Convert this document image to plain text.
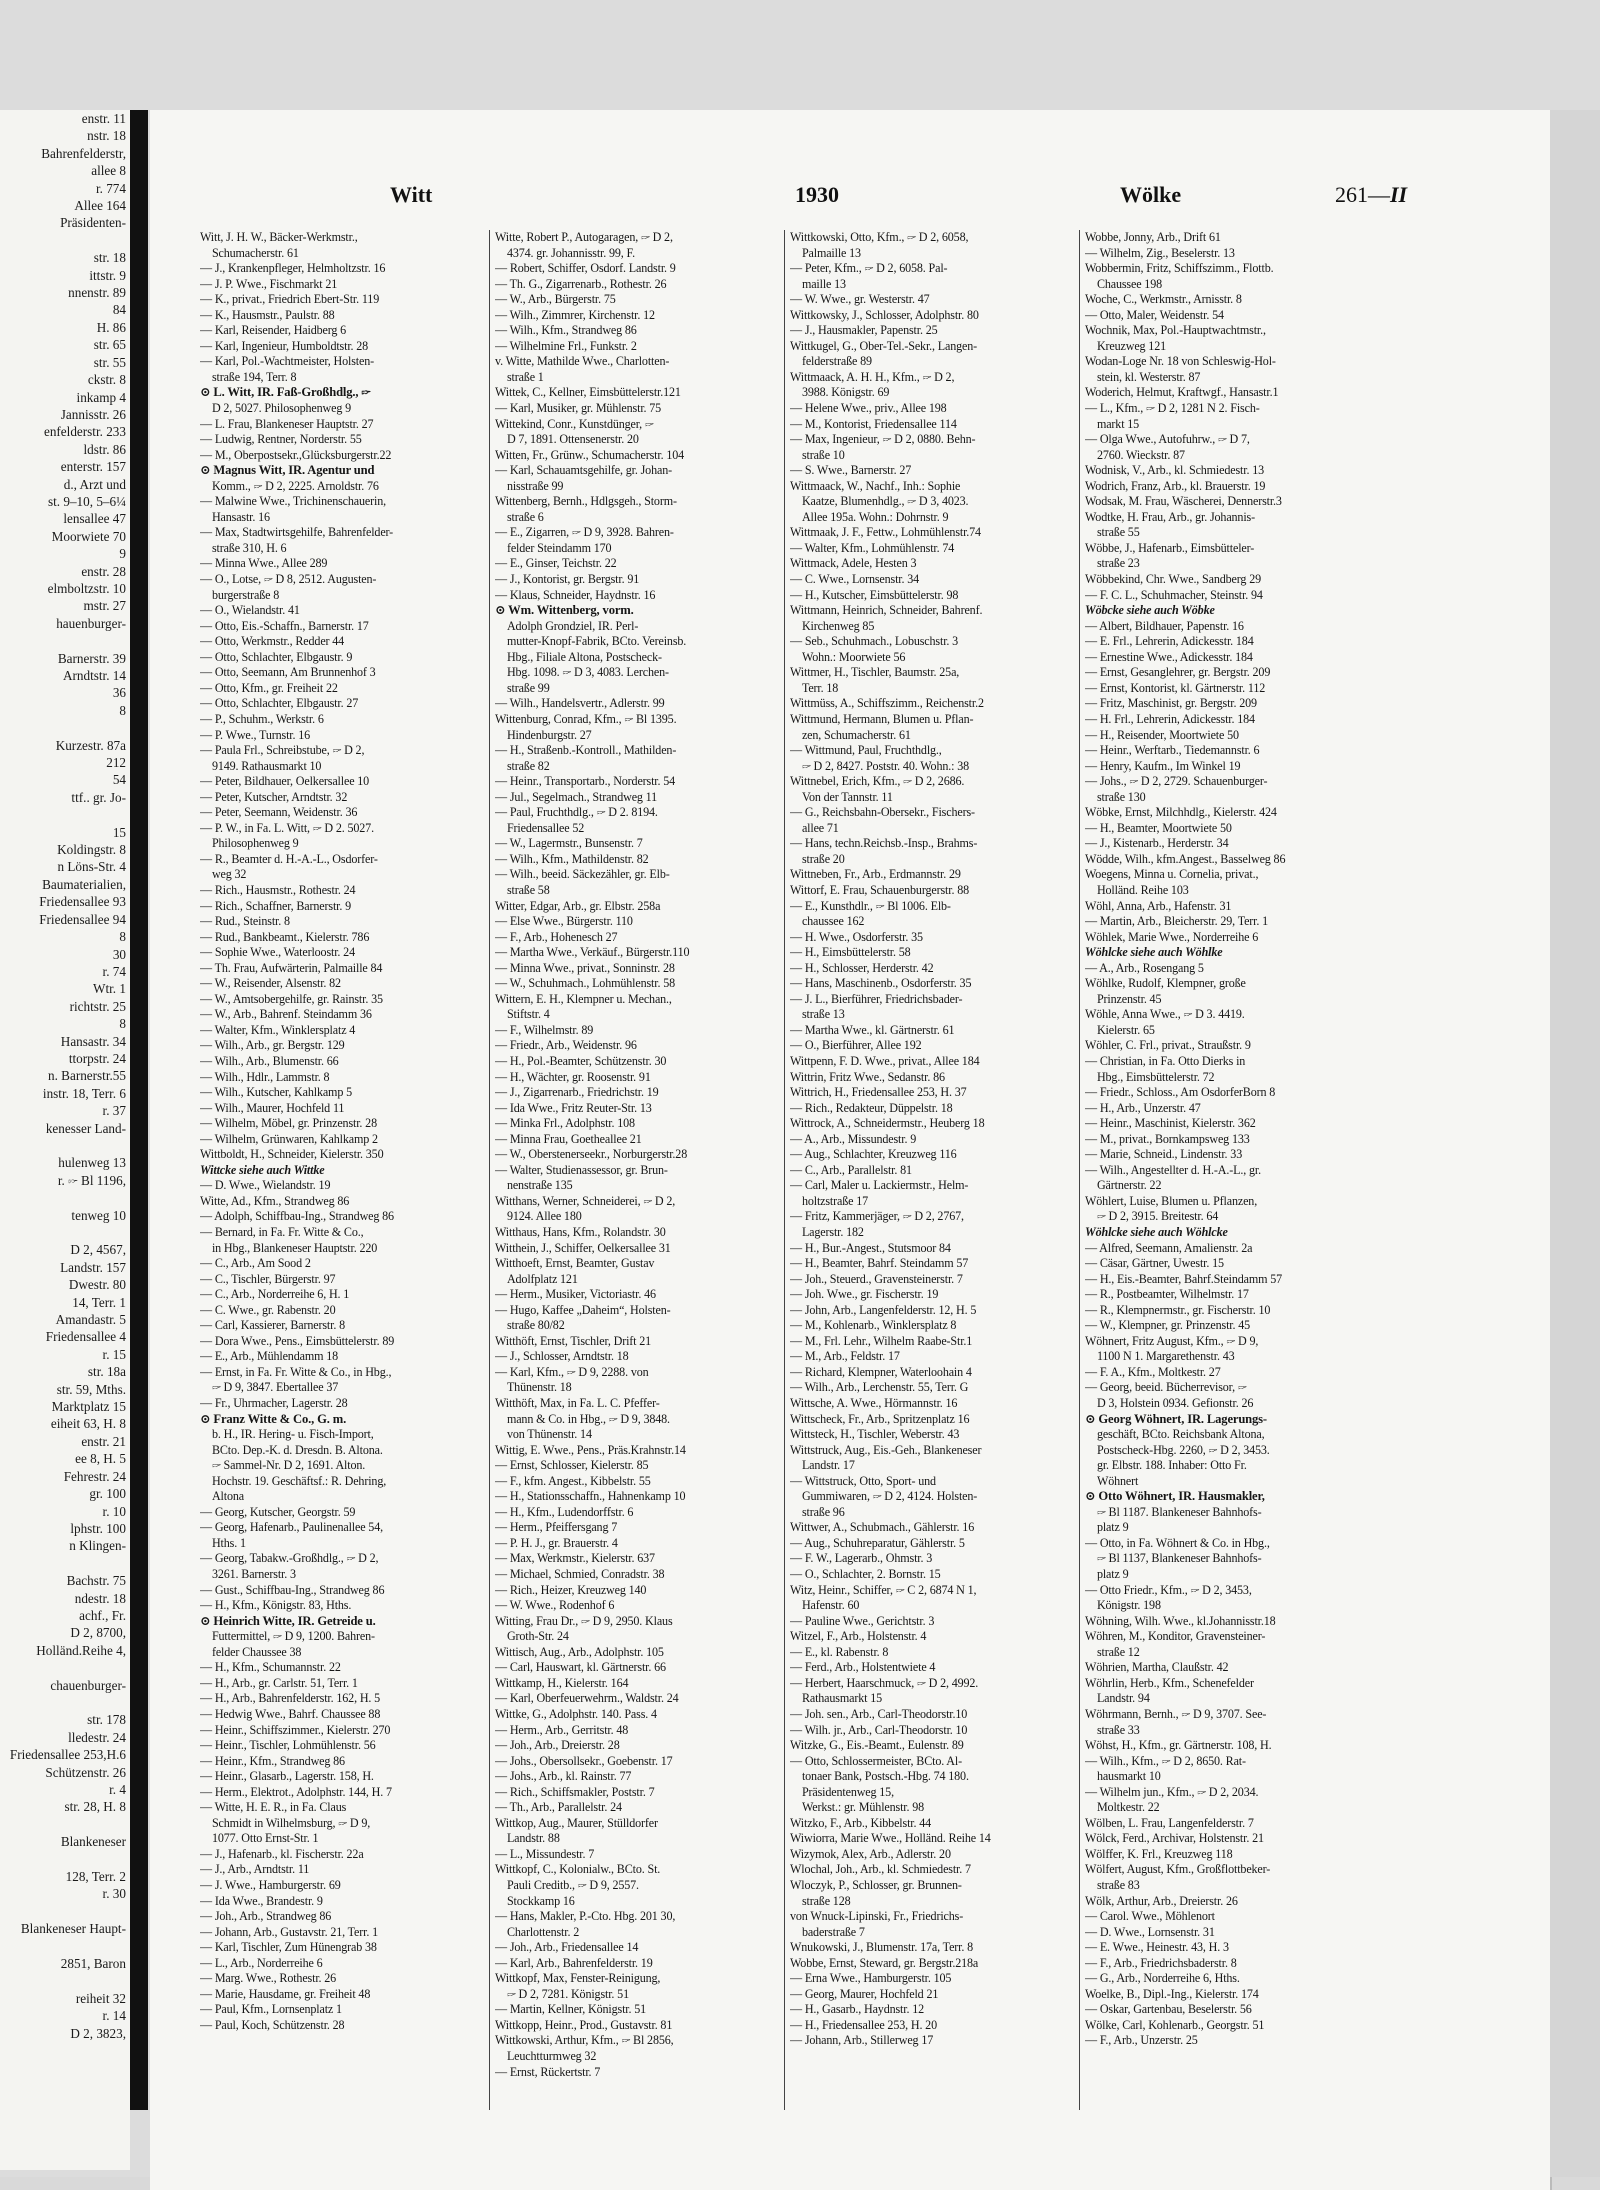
enstr. 11
nstr. 18
Bahrenfelderstr,
allee 8
r. 774
Allee 164
Präsidenten-

str. 18
ittstr. 9
nnenstr. 89
84
H. 86
str. 65
str. 55
ckstr. 8
inkamp 4
Jannisstr. 26
enfelderstr. 233
ldstr. 86
enterstr. 157
d., Arzt und
st. 9–10, 5–6¼
lensallee 47
Moorwiete 70
9
enstr. 28
elmboltzstr. 10
mstr. 27
hauenburger-

Barnerstr. 39
Arndtstr. 14
36
8

Kurzestr. 87a
212
54
ttf.. gr. Jo-

15
Koldingstr. 8
n Löns-Str. 4
Baumaterialien,
Friedensallee 93
Friedensallee 94
8
30
r. 74
Wtr. 1
richtstr. 25
8
Hansastr. 34
ttorpstr. 24
n. Barnerstr.55
instr. 18, Terr. 6
r. 37
kenesser Land-

hulenweg 13
r. 🖙 Bl 1196,

tenweg 10

D 2, 4567,
Landstr. 157
Dwestr. 80
14, Terr. 1
Amandastr. 5
Friedensallee 4
r. 15
str. 18a
str. 59, Mths.
Marktplatz 15
eiheit 63, H. 8
enstr. 21
ee 8, H. 5
Fehrestr. 24
gr. 100
r. 10
lphstr. 100
n Klingen-

Bachstr. 75
ndestr. 18
achf., Fr.
D 2, 8700,
Holländ.Reihe 4,

chauenburger-

str. 178
lledestr. 24
Friedensallee 253,H.6
Schützenstr. 26
r. 4
str. 28, H. 8

Blankeneser

128, Terr. 2
r. 30

Blankeneser Haupt-

2851, Baron

reiheit 32
r. 14
D 2, 3823,
Witt	1930	Wölke	261—II
Witt, J. H. W., Bäcker-Werkmstr.,
 Schumacherstr. 61
— J., Krankenpfleger, Helmholtzstr. 16
— J. P. Wwe., Fischmarkt 21
— K., privat., Friedrich Ebert-Str. 119
— K., Hausmstr., Paulstr. 88
— Karl, Reisender, Haidberg 6
— Karl, Ingenieur, Humboldtstr. 28
— Karl, Pol.-Wachtmeister, Holsten-
 straße 194, Terr. 8
⊙ L. Witt, IR. Faß-Großhdlg., 🖙
 D 2, 5027. Philosophenweg 9
— L. Frau, Blankeneser Hauptstr. 27
— Ludwig, Rentner, Norderstr. 55
— M., Oberpostsekr.,Glücksburgerstr.22
⊙ Magnus Witt, IR. Agentur und
 Komm., 🖙 D 2, 2225. Arnoldstr. 76
— Malwine Wwe., Trichinenschauerin,
 Hansastr. 16
— Max, Stadtwirtsgehilfe, Bahrenfelder-
 straße 310, H. 6
— Minna Wwe., Allee 289
— O., Lotse, 🖙 D 8, 2512. Augusten-
 burgerstraße 8
— O., Wielandstr. 41
— Otto, Eis.-Schaffn., Barnerstr. 17
— Otto, Werkmstr., Redder 44
— Otto, Schlachter, Elbgaustr. 9
— Otto, Seemann, Am Brunnenhof 3
— Otto, Kfm., gr. Freiheit 22
— Otto, Schlachter, Elbgaustr. 27
— P., Schuhm., Werkstr. 6
— P. Wwe., Turnstr. 16
— Paula Frl., Schreibstube, 🖙 D 2,
 9149. Rathausmarkt 10
— Peter, Bildhauer, Oelkersallee 10
— Peter, Kutscher, Arndtstr. 32
— Peter, Seemann, Weidenstr. 36
— P. W., in Fa. L. Witt, 🖙 D 2. 5027.
 Philosophenweg 9
— R., Beamter d. H.-A.-L., Osdorfer-
 weg 32
— Rich., Hausmstr., Rothestr. 24
— Rich., Schaffner, Barnerstr. 9
— Rud., Steinstr. 8
— Rud., Bankbeamt., Kielerstr. 786
— Sophie Wwe., Waterloostr. 24
— Th. Frau, Aufwärterin, Palmaille 84
— W., Reisender, Alsenstr. 82
— W., Amtsobergehilfe, gr. Rainstr. 35
— W., Arb., Bahrenf. Steindamm 36
— Walter, Kfm., Winklersplatz 4
— Wilh., Arb., gr. Bergstr. 129
— Wilh., Arb., Blumenstr. 66
— Wilh., Hdlr., Lammstr. 8
— Wilh., Kutscher, Kahlkamp 5
— Wilh., Maurer, Hochfeld 11
— Wilhelm, Möbel, gr. Prinzenstr. 28
— Wilhelm, Grünwaren, Kahlkamp 2
Wittboldt, H., Schneider, Kielerstr. 350
Wittcke siehe auch Wittke
— D. Wwe., Wielandstr. 19
Witte, Ad., Kfm., Strandweg 86
— Adolph, Schiffbau-Ing., Strandweg 86
— Bernard, in Fa. Fr. Witte & Co.,
 in Hbg., Blankeneser Hauptstr. 220
— C., Arb., Am Sood 2
— C., Tischler, Bürgerstr. 97
— C., Arb., Norderreihe 6, H. 1
— C. Wwe., gr. Rabenstr. 20
— Carl, Kassierer, Barnerstr. 8
— Dora Wwe., Pens., Eimsbüttelerstr. 89
— E., Arb., Mühlendamm 18
— Ernst, in Fa. Fr. Witte & Co., in Hbg.,
 🖙 D 9, 3847. Ebertallee 37
— Fr., Uhrmacher, Lagerstr. 28
⊙ Franz Witte & Co., G. m.
 b. H., IR. Hering- u. Fisch-Import,
 BCto. Dep.-K. d. Dresdn. B. Altona.
 🖙 Sammel-Nr. D 2, 1691. Alton.
 Hochstr. 19. Geschäftsf.: R. Dehring,
 Altona
— Georg, Kutscher, Georgstr. 59
— Georg, Hafenarb., Paulinenallee 54,
 Hths. 1
— Georg, Tabakw.-Großhdlg., 🖙 D 2,
 3261. Barnerstr. 3
— Gust., Schiffbau-Ing., Strandweg 86
— H., Kfm., Königstr. 83, Hths.
⊙ Heinrich Witte, IR. Getreide u.
 Futtermittel, 🖙 D 9, 1200. Bahren-
 felder Chaussee 38
— H., Kfm., Schumannstr. 22
— H., Arb., gr. Carlstr. 51, Terr. 1
— H., Arb., Bahrenfelderstr. 162, H. 5
— Hedwig Wwe., Bahrf. Chaussee 88
— Heinr., Schiffszimmer., Kielerstr. 270
— Heinr., Tischler, Lohmühlenstr. 56
— Heinr., Kfm., Strandweg 86
— Heinr., Glasarb., Lagerstr. 158, H.
— Herm., Elektrot., Adolphstr. 144, H. 7
— Witte, H. E. R., in Fa. Claus
 Schmidt in Wilhelmsburg, 🖙 D 9,
 1077. Otto Ernst-Str. 1
— J., Hafenarb., kl. Fischerstr. 22a
— J., Arb., Arndtstr. 11
— J. Wwe., Hamburgerstr. 69
— Ida Wwe., Brandestr. 9
— Joh., Arb., Strandweg 86
— Johann, Arb., Gustavstr. 21, Terr. 1
— Karl, Tischler, Zum Hünengrab 38
— L., Arb., Norderreihe 6
— Marg. Wwe., Rothestr. 26
— Marie, Hausdame, gr. Freiheit 48
— Paul, Kfm., Lornsenplatz 1
— Paul, Koch, Schützenstr. 28
Witte, Robert P., Autogaragen, 🖙 D 2,
 4374. gr. Johannisstr. 99, F.
— Robert, Schiffer, Osdorf. Landstr. 9
— Th. G., Zigarrenarb., Rothestr. 26
— W., Arb., Bürgerstr. 75
— Wilh., Zimmrer, Kirchenstr. 12
— Wilh., Kfm., Strandweg 86
— Wilhelmine Frl., Funkstr. 2
v. Witte, Mathilde Wwe., Charlotten-
 straße 1
Wittek, C., Kellner, Eimsbüttelerstr.121
— Karl, Musiker, gr. Mühlenstr. 75
Wittekind, Conr., Kunstdünger, 🖙
 D 7, 1891. Ottensenerstr. 20
Witten, Fr., Grünw., Schumacherstr. 104
— Karl, Schauamtsgehilfe, gr. Johan-
 nisstraße 99
Wittenberg, Bernh., Hdlgsgeh., Storm-
 straße 6
— E., Zigarren, 🖙 D 9, 3928. Bahren-
 felder Steindamm 170
— E., Ginser, Teichstr. 22
— J., Kontorist, gr. Bergstr. 91
— Klaus, Schneider, Haydnstr. 16
⊙ Wm. Wittenberg, vorm.
 Adolph Grondziel, IR. Perl-
 mutter-Knopf-Fabrik, BCto. Vereinsb.
 Hbg., Filiale Altona, Postscheck-
 Hbg. 1098. 🖙 D 3, 4083. Lerchen-
 straße 99
— Wilh., Handelsvertr., Adlerstr. 99
Wittenburg, Conrad, Kfm., 🖙 Bl 1395.
 Hindenburgstr. 27
— H., Straßenb.-Kontroll., Mathilden-
 straße 82
— Heinr., Transportarb., Norderstr. 54
— Jul., Segelmach., Strandweg 11
— Paul, Fruchthdlg., 🖙 D 2. 8194.
 Friedensallee 52
— W., Lagermstr., Bunsenstr. 7
— Wilh., Kfm., Mathildenstr. 82
— Wilh., beeid. Säckezähler, gr. Elb-
 straße 58
Witter, Edgar, Arb., gr. Elbstr. 258a
— Else Wwe., Bürgerstr. 110
— F., Arb., Hohenesch 27
— Martha Wwe., Verkäuf., Bürgerstr.110
— Minna Wwe., privat., Sonninstr. 28
— W., Schuhmach., Lohmühlenstr. 58
Wittern, E. H., Klempner u. Mechan.,
 Stiftstr. 4
— F., Wilhelmstr. 89
— Friedr., Arb., Weidenstr. 96
— H., Pol.-Beamter, Schützenstr. 30
— H., Wächter, gr. Roosenstr. 91
— J., Zigarrenarb., Friedrichstr. 19
— Ida Wwe., Fritz Reuter-Str. 13
— Minka Frl., Adolphstr. 108
— Minna Frau, Goetheallee 21
— W., Oberstenerseekr., Norburgerstr.28
— Walter, Studienassessor, gr. Brun-
 nenstraße 135
Witthans, Werner, Schneiderei, 🖙 D 2,
 9124. Allee 180
Witthaus, Hans, Kfm., Rolandstr. 30
Witthein, J., Schiffer, Oelkersallee 31
Witthoeft, Ernst, Beamter, Gustav
 Adolfplatz 121
— Herm., Musiker, Victoriastr. 46
— Hugo, Kaffee „Daheim“, Holsten-
 straße 80/82
Witthöft, Ernst, Tischler, Drift 21
— J., Schlosser, Arndtstr. 18
— Karl, Kfm., 🖙 D 9, 2288. von
 Thünenstr. 18
Witthöft, Max, in Fa. L. C. Pfeffer-
 mann & Co. in Hbg., 🖙 D 9, 3848.
 von Thünenstr. 14
Wittig, E. Wwe., Pens., Präs.Krahnstr.14
— Ernst, Schlosser, Kielerstr. 85
— F., kfm. Angest., Kibbelstr. 55
— H., Stationsschaffn., Hahnenkamp 10
— H., Kfm., Ludendorffstr. 6
— Herm., Pfeiffersgang 7
— P. H. J., gr. Brauerstr. 4
— Max, Werkmstr., Kielerstr. 637
— Michael, Schmied, Conradstr. 38
— Rich., Heizer, Kreuzweg 140
— W. Wwe., Rodenhof 6
Witting, Frau Dr., 🖙 D 9, 2950. Klaus
 Groth-Str. 24
Wittisch, Aug., Arb., Adolphstr. 105
— Carl, Hauswart, kl. Gärtnerstr. 66
Wittkamp, H., Kielerstr. 164
— Karl, Oberfeuerwehrm., Waldstr. 24
Wittke, G., Adolphstr. 140. Pass. 4
— Herm., Arb., Gerritstr. 48
— Joh., Arb., Dreierstr. 28
— Johs., Obersollsekr., Goebenstr. 17
— Johs., Arb., kl. Rainstr. 77
— Rich., Schiffsmakler, Poststr. 7
— Th., Arb., Parallelstr. 24
Wittkop, Aug., Maurer, Stülldorfer
 Landstr. 88
— L., Missundestr. 7
Wittkopf, C., Kolonialw., BCto. St.
 Pauli Creditb., 🖙 D 9, 2557.
 Stockkamp 16
— Hans, Makler, P.-Cto. Hbg. 201 30,
 Charlottenstr. 2
— Joh., Arb., Friedensallee 14
— Karl, Arb., Bahrenfelderstr. 19
Wittkopf, Max, Fenster-Reinigung,
 🖙 D 2, 7281. Königstr. 51
— Martin, Kellner, Königstr. 51
Wittkopp, Heinr., Prod., Gustavstr. 81
Wittkowski, Arthur, Kfm., 🖙 Bl 2856,
 Leuchtturmweg 32
— Ernst, Rückertstr. 7
Wittkowski, Otto, Kfm., 🖙 D 2, 6058,
 Palmaille 13
— Peter, Kfm., 🖙 D 2, 6058. Pal-
 maille 13
— W. Wwe., gr. Westerstr. 47
Wittkowsky, J., Schlosser, Adolphstr. 80
— J., Hausmakler, Papenstr. 25
Wittkugel, G., Ober-Tel.-Sekr., Langen-
 felderstraße 89
Wittmaack, A. H. H., Kfm., 🖙 D 2,
 3988. Königstr. 69
— Helene Wwe., priv., Allee 198
— M., Kontorist, Friedensallee 114
— Max, Ingenieur, 🖙 D 2, 0880. Behn-
 straße 10
— S. Wwe., Barnerstr. 27
Wittmaack, W., Nachf., Inh.: Sophie
 Kaatze, Blumenhdlg., 🖙 D 3, 4023.
 Allee 195a. Wohn.: Dohrnstr. 9
Wittmaak, J. F., Fettw., Lohmühlenstr.74
— Walter, Kfm., Lohmühlenstr. 74
Wittmack, Adele, Hesten 3
— C. Wwe., Lornsenstr. 34
— H., Kutscher, Eimsbüttelerstr. 98
Wittmann, Heinrich, Schneider, Bahrenf.
 Kirchenweg 85
— Seb., Schuhmach., Lobuschstr. 3
 Wohn.: Moorwiete 56
Wittmer, H., Tischler, Baumstr. 25a,
 Terr. 18
Wittmüss, A., Schiffszimm., Reichenstr.2
Wittmund, Hermann, Blumen u. Pflan-
 zen, Schumacherstr. 61
— Wittmund, Paul, Fruchthdlg.,
 🖙 D 2, 8427. Poststr. 40. Wohn.: 38
Wittnebel, Erich, Kfm., 🖙 D 2, 2686.
 Von der Tannstr. 11
— G., Reichsbahn-Obersekr., Fischers-
 allee 71
— Hans, techn.Reichsb.-Insp., Brahms-
 straße 20
Wittneben, Fr., Arb., Erdmannstr. 29
Wittorf, E. Frau, Schauenburgerstr. 88
— E., Kunsthdlr., 🖙 Bl 1006. Elb-
 chaussee 162
— H. Wwe., Osdorferstr. 35
— H., Eimsbüttelerstr. 58
— H., Schlosser, Herderstr. 42
— Hans, Maschinenb., Osdorferstr. 35
— J. L., Bierführer, Friedrichsbader-
 straße 13
— Martha Wwe., kl. Gärtnerstr. 61
— O., Bierführer, Allee 192
Wittpenn, F. D. Wwe., privat., Allee 184
Wittrin, Fritz Wwe., Sedanstr. 86
Wittrich, H., Friedensallee 253, H. 37
— Rich., Redakteur, Düppelstr. 18
Wittrock, A., Schneidermstr., Heuberg 18
— A., Arb., Missundestr. 9
— Aug., Schlachter, Kreuzweg 116
— C., Arb., Parallelstr. 81
— Carl, Maler u. Lackiermstr., Helm-
 holtzstraße 17
— Fritz, Kammerjäger, 🖙 D 2, 2767,
 Lagerstr. 182
— H., Bur.-Angest., Stutsmoor 84
— H., Beamter, Bahrf. Steindamm 57
— Joh., Steuerd., Gravensteinerstr. 7
— Joh. Wwe., gr. Fischerstr. 19
— John, Arb., Langenfelderstr. 12, H. 5
— M., Kohlenarb., Winklersplatz 8
— M., Frl. Lehr., Wilhelm Raabe-Str.1
— M., Arb., Feldstr. 17
— Richard, Klempner, Waterloohain 4
— Wilh., Arb., Lerchenstr. 55, Terr. G
Wittsche, A. Wwe., Hörmannstr. 16
Wittscheck, Fr., Arb., Spritzenplatz 16
Wittsteck, H., Tischler, Weberstr. 43
Wittstruck, Aug., Eis.-Geh., Blankeneser
 Landstr. 17
— Wittstruck, Otto, Sport- und
 Gummiwaren, 🖙 D 2, 4124. Holsten-
 straße 96
Wittwer, A., Schubmach., Gählerstr. 16
— Aug., Schuhreparatur, Gählerstr. 5
— F. W., Lagerarb., Ohmstr. 3
— O., Schlachter, 2. Bornstr. 15
Witz, Heinr., Schiffer, 🖙 C 2, 6874 N 1,
 Hafenstr. 60
— Pauline Wwe., Gerichtstr. 3
Witzel, F., Arb., Holstenstr. 4
— E., kl. Rabenstr. 8
— Ferd., Arb., Holstentwiete 4
— Herbert, Haarschmuck, 🖙 D 2, 4992.
 Rathausmarkt 15
— Joh. sen., Arb., Carl-Theodorstr.10
— Wilh. jr., Arb., Carl-Theodorstr. 10
Witzke, G., Eis.-Beamt., Eulenstr. 89
— Otto, Schlossermeister, BCto. Al-
 tonaer Bank, Postsch.-Hbg. 74 180.
 Präsidentenweg 15,
 Werkst.: gr. Mühlenstr. 98
Witzko, F., Arb., Kibbelstr. 44
Wiwiorra, Marie Wwe., Holländ. Reihe 14
Wizymok, Alex, Arb., Adlerstr. 20
Wlochal, Joh., Arb., kl. Schmiedestr. 7
Wloczyk, P., Schlosser, gr. Brunnen-
 straße 128
von Wnuck-Lipinski, Fr., Friedrichs-
 baderstraße 7
Wnukowski, J., Blumenstr. 17a, Terr. 8
Wobbe, Ernst, Steward, gr. Bergstr.218a
— Erna Wwe., Hamburgerstr. 105
— Georg, Maurer, Hochfeld 21
— H., Gasarb., Haydnstr. 12
— H., Friedensallee 253, H. 20
— Johann, Arb., Stillerweg 17
Wobbe, Jonny, Arb., Drift 61
— Wilhelm, Zig., Beselerstr. 13
Wobbermin, Fritz, Schiffszimm., Flottb.
 Chaussee 198
Woche, C., Werkmstr., Arnisstr. 8
— Otto, Maler, Weidenstr. 54
Wochnik, Max, Pol.-Hauptwachtmstr.,
 Kreuzweg 121
Wodan-Loge Nr. 18 von Schleswig-Hol-
 stein, kl. Westerstr. 87
Woderich, Helmut, Kraftwgf., Hansastr.1
— L., Kfm., 🖙 D 2, 1281 N 2. Fisch-
 markt 15
— Olga Wwe., Autofuhrw., 🖙 D 7,
 2760. Wieckstr. 87
Wodnisk, V., Arb., kl. Schmiedestr. 13
Wodrich, Franz, Arb., kl. Brauerstr. 19
Wodsak, M. Frau, Wäscherei, Dennerstr.3
Wodtke, H. Frau, Arb., gr. Johannis-
 straße 55
Wöbbe, J., Hafenarb., Eimsbütteler-
 straße 23
Wöbbekind, Chr. Wwe., Sandberg 29
— F. C. L., Schuhmacher, Steinstr. 94
Wöbcke siehe auch Wöbke
— Albert, Bildhauer, Papenstr. 16
— E. Frl., Lehrerin, Adickesstr. 184
— Ernestine Wwe., Adickesstr. 184
— Ernst, Gesanglehrer, gr. Bergstr. 209
— Ernst, Kontorist, kl. Gärtnerstr. 112
— Fritz, Maschinist, gr. Bergstr. 209
— H. Frl., Lehrerin, Adickesstr. 184
— H., Reisender, Moortwiete 50
— Heinr., Werftarb., Tiedemannstr. 6
— Henry, Kaufm., Im Winkel 19
— Johs., 🖙 D 2, 2729. Schauenburger-
 straße 130
Wöbke, Ernst, Milchhdlg., Kielerstr. 424
— H., Beamter, Moortwiete 50
— J., Kistenarb., Herderstr. 34
Wödde, Wilh., kfm.Angest., Basselweg 86
Woegens, Minna u. Cornelia, privat.,
 Holländ. Reihe 103
Wöhl, Anna, Arb., Hafenstr. 31
— Martin, Arb., Bleicherstr. 29, Terr. 1
Wöhlek, Marie Wwe., Norderreihe 6
Wöhlcke siehe auch Wöhlke
— A., Arb., Rosengang 5
Wöhlke, Rudolf, Klempner, große
 Prinzenstr. 45
Wöhle, Anna Wwe., 🖙 D 3. 4419.
 Kielerstr. 65
Wöhler, C. Frl., privat., Straußstr. 9
— Christian, in Fa. Otto Dierks in
 Hbg., Eimsbüttelerstr. 72
— Friedr., Schloss., Am OsdorferBorn 8
— H., Arb., Unzerstr. 47
— Heinr., Maschinist, Kielerstr. 362
— M., privat., Bornkampsweg 133
— Marie, Schneid., Lindenstr. 33
— Wilh., Angestellter d. H.-A.-L., gr.
 Gärtnerstr. 22
Wöhlert, Luise, Blumen u. Pflanzen,
 🖙 D 2, 3915. Breitestr. 64
Wöhlcke siehe auch Wöhlcke
— Alfred, Seemann, Amalienstr. 2a
— Cäsar, Gärtner, Uwestr. 15
— H., Eis.-Beamter, Bahrf.Steindamm 57
— R., Postbeamter, Wilhelmstr. 17
— R., Klempnermstr., gr. Fischerstr. 10
— W., Klempner, gr. Prinzenstr. 45
Wöhnert, Fritz August, Kfm., 🖙 D 9,
 1100 N 1. Margarethenstr. 43
— F. A., Kfm., Moltkestr. 27
— Georg, beeid. Bücherrevisor, 🖙
 D 3, Holstein 0934. Gefionstr. 26
⊙ Georg Wöhnert, IR. Lagerungs-
 geschäft, BCto. Reichsbank Altona,
 Postscheck-Hbg. 2260, 🖙 D 2, 3453.
 gr. Elbstr. 188. Inhaber: Otto Fr.
 Wöhnert
⊙ Otto Wöhnert, IR. Hausmakler,
 🖙 Bl 1187. Blankeneser Bahnhofs-
 platz 9
— Otto, in Fa. Wöhnert & Co. in Hbg.,
 🖙 Bl 1137, Blankeneser Bahnhofs-
 platz 9
— Otto Friedr., Kfm., 🖙 D 2, 3453,
 Königstr. 198
Wöhning, Wilh. Wwe., kl.Johannisstr.18
Wöhren, M., Konditor, Gravensteiner-
 straße 12
Wöhrien, Martha, Claußstr. 42
Wöhrlin, Herb., Kfm., Schenefelder
 Landstr. 94
Wöhrmann, Bernh., 🖙 D 9, 3707. See-
 straße 33
Wöhst, H., Kfm., gr. Gärtnerstr. 108, H.
— Wilh., Kfm., 🖙 D 2, 8650. Rat-
 hausmarkt 10
— Wilhelm jun., Kfm., 🖙 D 2, 2034.
 Moltkestr. 22
Wölben, L. Frau, Langenfelderstr. 7
Wölck, Ferd., Archivar, Holstenstr. 21
Wölffer, K. Frl., Kreuzweg 118
Wölfert, August, Kfm., Großflottbeker-
 straße 83
Wölk, Arthur, Arb., Dreierstr. 26
— Carol. Wwe., Möhlenort
— D. Wwe., Lornsenstr. 31
— E. Wwe., Heinestr. 43, H. 3
— F., Arb., Friedrichsbaderstr. 8
— G., Arb., Norderreihe 6, Hths.
Woelke, B., Dipl.-Ing., Kielerstr. 174
— Oskar, Gartenbau, Beselerstr. 56
Wölke, Carl, Kohlenarb., Georgstr. 51
— F., Arb., Unzerstr. 25
